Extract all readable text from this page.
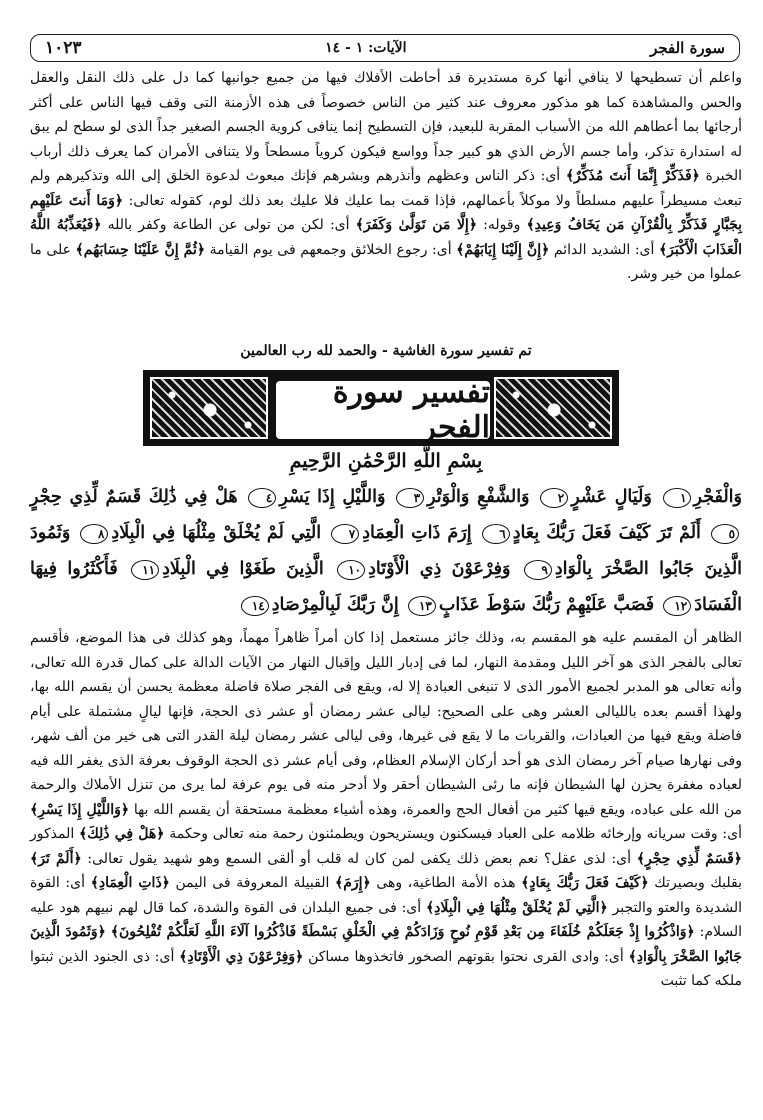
سورة الفجر
الآيات: ١ - ١٤
١٠٢٣

واعلم أن تسطيحها لا ينافي أنها كرة مستديرة قد أحاطت الأفلاك فيها من جميع جوانبها كما دل على ذلك النقل والعقل والحس والمشاهدة كما هو مذكور معروف عند كثير من الناس خصوصاً فى هذه الأزمنة التى وقف فيها الناس على أكثر أرجائها بما أعطاهم الله من الأسباب المقربة للبعيد، فإن التسطيح إنما ينافى كروية الجسم الصغير جداً الذى لو سطح لم يبق له استدارة تذكر، وأما جسم الأرض الذي هو كبير جداً وواسع فيكون كروياً مسطحاً ولا يتنافى الأمران كما يعرف ذلك أرباب الخبرة ﴿فَذَكِّرْ إِنَّمَا أَنتَ مُذَكِّرٌ﴾ أى: ذكر الناس وعظهم وأنذرهم وبشرهم فإنك مبعوث لدعوة الخلق إلى الله وتذكيرهم ولم تبعث مسيطراً عليهم مسلطاً ولا موكلاً بأعمالهم، فإذا قمت بما عليك فلا عليك بعد ذلك لوم، كقوله تعالى: ﴿وَمَا أَنتَ عَلَيْهِم بِجَبَّارٍ فَذَكِّرْ بِالْقُرْآنِ مَن يَخَافُ وَعِيدِ﴾ وقوله: ﴿إِلَّا مَن تَوَلَّىٰ وَكَفَرَ﴾ أى: لكن من تولى عن الطاعة وكفر بالله ﴿فَيُعَذِّبُهُ اللَّهُ الْعَذَابَ الْأَكْبَرَ﴾ أى: الشديد الدائم ﴿إِنَّ إِلَيْنَا إِيَابَهُمْ﴾ أى: رجوع الخلائق وجمعهم فى يوم القيامة ﴿ثُمَّ إِنَّ عَلَيْنَا حِسَابَهُم﴾ على ما عملوا من خير وشر.

تم تفسير سورة الغاشية - والحمد لله رب العالمين
تفسير سورة الفجر
بِسْمِ اللَّهِ الرَّحْمَٰنِ الرَّحِيمِ

وَالْفَجْرِ١ وَلَيَالٍ عَشْرٍ٢ وَالشَّفْعِ وَالْوَتْرِ٣ وَاللَّيْلِ إِذَا يَسْرِ٤ هَلْ فِي ذَٰلِكَ قَسَمٌ لِّذِي حِجْرٍ٥ أَلَمْ تَرَ كَيْفَ فَعَلَ رَبُّكَ بِعَادٍ٦ إِرَمَ ذَاتِ الْعِمَادِ٧ الَّتِي لَمْ يُخْلَقْ مِثْلُهَا فِي الْبِلَادِ٨ وَثَمُودَ الَّذِينَ جَابُوا الصَّخْرَ بِالْوَادِ٩ وَفِرْعَوْنَ ذِي الْأَوْتَادِ١٠ الَّذِينَ طَغَوْا فِي الْبِلَادِ١١ فَأَكْثَرُوا فِيهَا الْفَسَادَ١٢ فَصَبَّ عَلَيْهِمْ رَبُّكَ سَوْطَ عَذَابٍ١٣ إِنَّ رَبَّكَ لَبِالْمِرْصَادِ١٤

الظاهر أن المقسم عليه هو المقسم به، وذلك جائز مستعمل إذا كان أمراً ظاهراً مهماً، وهو كذلك فى هذا الموضع، فأقسم تعالى بالفجر الذى هو آخر الليل ومقدمة النهار، لما فى إدبار الليل وإقبال النهار من الآيات الدالة على كمال قدرة الله تعالى، وأنه تعالى هو المدبر لجميع الأمور الذى لا تنبغى العبادة إلا له، ويقع فى الفجر صلاة فاضلة معظمة يحسن أن يقسم الله بها، ولهذا أقسم بعده بالليالى العشر وهى على الصحيح: ليالى عشر رمضان أو عشر ذى الحجة، فإنها ليالٍ مشتملة على أيام فاضلة ويقع فيها من العبادات، والقربات ما لا يقع فى غيرها، وفى ليالى عشر رمضان ليلة القدر التى هى خير من ألف شهر، وفى نهارها صيام آخر رمضان الذى هو أحد أركان الإسلام العظام، وفى أيام عشر ذى الحجة الوقوف بعرفة الذى يغفر الله فيه لعباده مغفرة يحزن لها الشيطان فإنه ما رئى الشيطان أحقر ولا أدحر منه فى يوم عرفة لما يرى من تنزل الأملاك والرحمة من الله على عباده، ويقع فيها كثير من أفعال الحج والعمرة، وهذه أشياء معظمة مستحقة أن يقسم الله بها ﴿وَاللَّيْلِ إِذَا يَسْرِ﴾ أى: وقت سريانه وإرخائه ظلامه على العباد فيسكنون ويستريحون ويطمئنون رحمة منه تعالى وحكمة ﴿هَلْ فِي ذَٰلِكَ﴾ المذكور ﴿قَسَمٌ لِّذِي حِجْرٍ﴾ أى: لذى عقل؟ نعم بعض ذلك يكفى لمن كان له قلب أو ألقى السمع وهو شهيد يقول تعالى: ﴿أَلَمْ تَرَ﴾ بقلبك وبصيرتك ﴿كَيْفَ فَعَلَ رَبُّكَ بِعَادٍ﴾ هذه الأمة الطاغية، وهى ﴿إِرَمَ﴾ القبيلة المعروفة فى اليمن ﴿ذَاتِ الْعِمَادِ﴾ أى: القوة الشديدة والعتو والتجبر ﴿الَّتِي لَمْ يُخْلَقْ مِثْلُهَا فِي الْبِلَادِ﴾ أى: فى جميع البلدان فى القوة والشدة، كما قال لهم نبيهم هود عليه السلام: ﴿وَاذْكُرُوا إِذْ جَعَلَكُمْ خُلَفَاءَ مِن بَعْدِ قَوْمِ نُوحٍ وَزَادَكُمْ فِي الْخَلْقِ بَسْطَةً فَاذْكُرُوا آلَاءَ اللَّهِ لَعَلَّكُمْ تُفْلِحُونَ﴾ ﴿وَثَمُودَ الَّذِينَ جَابُوا الصَّخْرَ بِالْوَادِ﴾ أى: وادى القرى نحتوا بقوتهم الصخور فاتخذوها مساكن ﴿وَفِرْعَوْنَ ذِي الْأَوْتَادِ﴾ أى: ذى الجنود الذين ثبتوا ملكه كما تثبت
